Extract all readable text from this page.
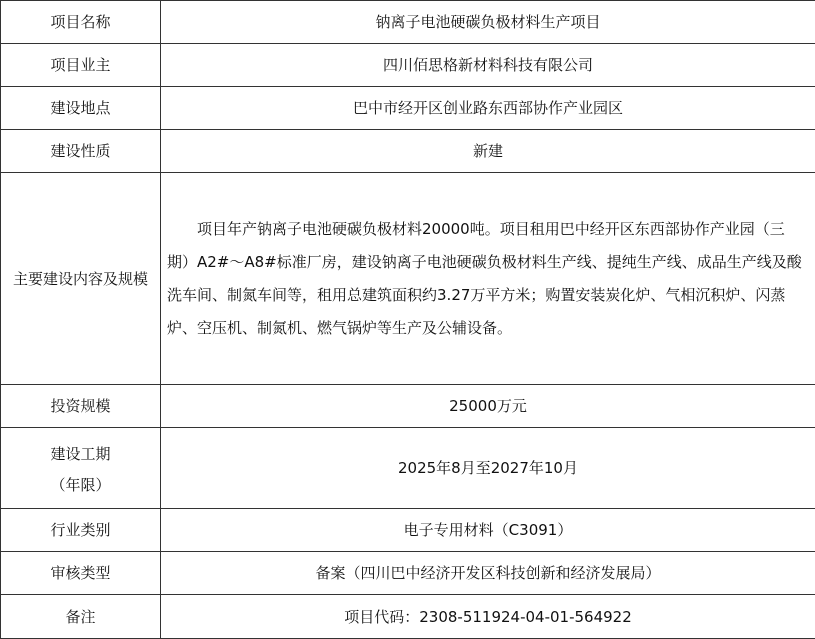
项目名称	钠离子电池硬碳负极材料生产项目
项目业主	四川佰思格新材料科技有限公司
建设地点	巴中市经开区创业路东西部协作产业园区
建设性质	新建
主要建设内容及规模	项目年产钠离子电池硬碳负极材料20000吨。项目租用巴中经开区东西部协作产业园（三期）A2#～A8#标准厂房，建设钠离子电池硬碳负极材料生产线、提纯生产线、成品生产线及酸洗车间、制氮车间等，租用总建筑面积约3.27万平方米；购置安装炭化炉、气相沉积炉、闪蒸炉、空压机、制氮机、燃气锅炉等生产及公辅设备。

投资规模	25000万元

建设工期
（年限）	2025年8月至2027年10月
行业类别	电子专用材料（C3091）
审核类型	备案（四川巴中经济开发区科技创新和经济发展局）
备注	项目代码：2308-511924-04-01-564922
